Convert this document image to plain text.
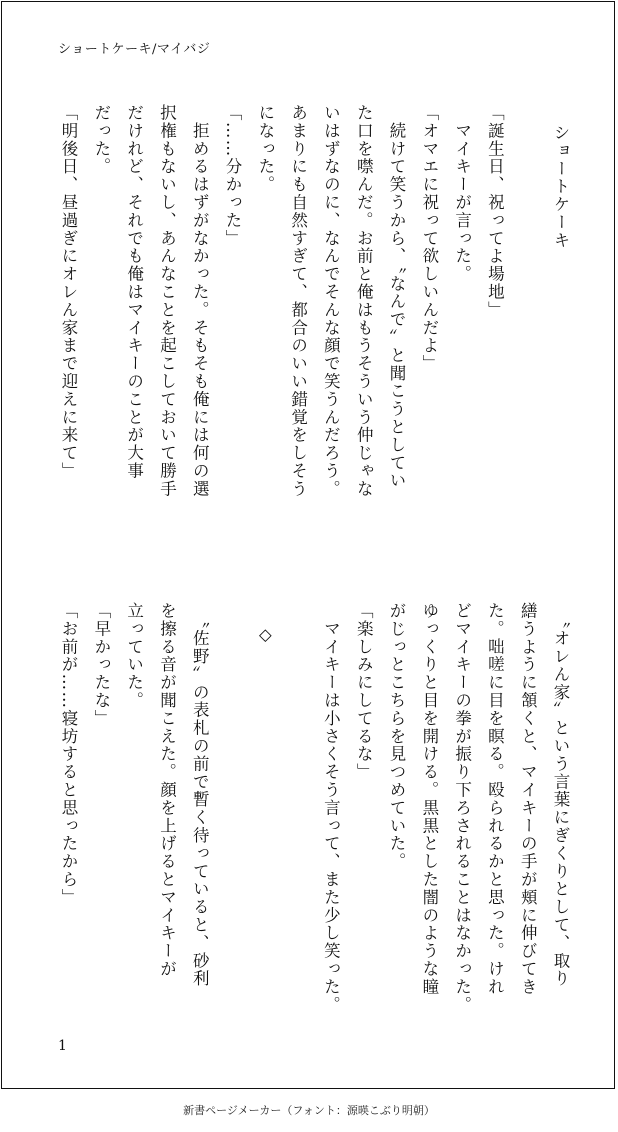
ショートケーキ/マイバジ
ショートケーキ

「誕生日、祝ってよ場地」
　マイキーが言った。
「オマエに祝って欲しいんだよ」
　続けて笑うから、〝なんで〟と聞こうとしてい
た口を噤んだ。お前と俺はもうそういう仲じゃな
いはずなのに、なんでそんな顔で笑うんだろう。
あまりにも自然すぎて、都合のいい錯覚をしそう
になった。
「……分かった」
　拒めるはずがなかった。そもそも俺には何の選
択権もないし、あんなことを起こしておいて勝手
だけれど、それでも俺はマイキーのことが大事
だった。
「明後日、昼過ぎにオレん家まで迎えに来て」
　〝オレん家〟という言葉にぎくりとして、取り
繕うように頷くと、マイキーの手が頬に伸びてき
た。咄嗟に目を瞑る。殴られるかと思った。けれ
どマイキーの拳が振り下ろされることはなかった。
ゆっくりと目を開ける。黒黒とした闇のような瞳
がじっとこちらを見つめていた。
「楽しみにしてるな」
　マイキーは小さくそう言って、また少し笑った。

◇

　〝佐野〟の表札の前で暫く待っていると、砂利
を擦る音が聞こえた。顔を上げるとマイキーが
立っていた。
「早かったな」
「お前が……寝坊すると思ったから」
1
新書ページメーカー（フォント：源暎こぶり明朝）
